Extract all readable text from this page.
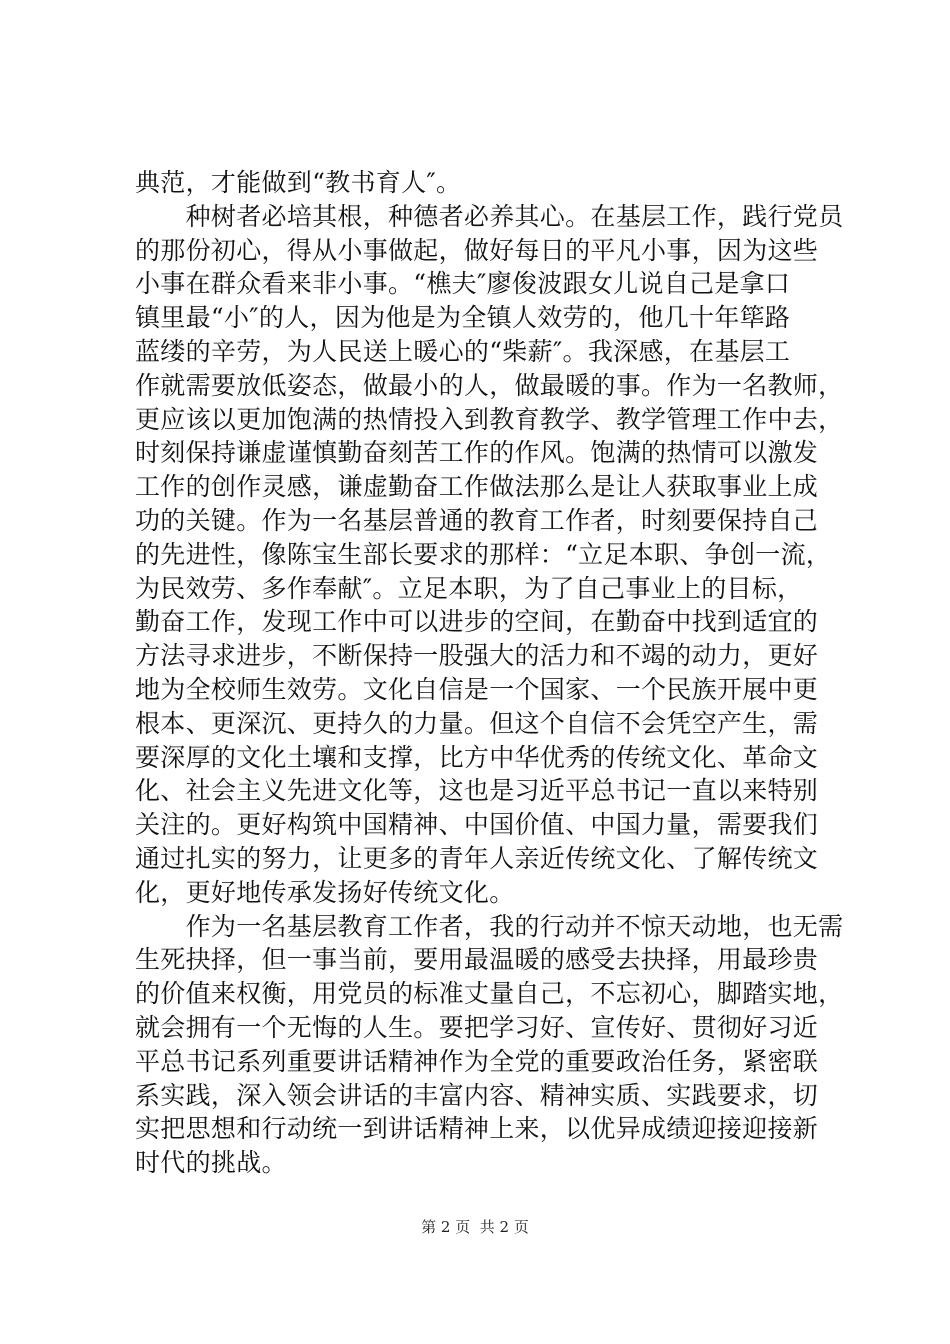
典范，才能做到“教书育人″。
　　种树者必培其根，种德者必养其心。在基层工作，践行党员
的那份初心，得从小事做起，做好每日的平凡小事，因为这些
小事在群众看来非小事。“樵夫″廖俊波跟女儿说自己是拿口
镇里最“小″的人，因为他是为全镇人效劳的，他几十年筚路
蓝缕的辛劳，为人民送上暖心的“柴薪″。我深感，在基层工
作就需要放低姿态，做最小的人，做最暖的事。作为一名教师，
更应该以更加饱满的热情投入到教育教学、教学管理工作中去，
时刻保持谦虚谨慎勤奋刻苦工作的作风。饱满的热情可以激发
工作的创作灵感，谦虚勤奋工作做法那么是让人获取事业上成
功的关键。作为一名基层普通的教育工作者，时刻要保持自己
的先进性，像陈宝生部长要求的那样：“立足本职、争创一流，
为民效劳、多作奉献″。立足本职，为了自己事业上的目标，
勤奋工作，发现工作中可以进步的空间，在勤奋中找到适宜的
方法寻求进步，不断保持一股强大的活力和不竭的动力，更好
地为全校师生效劳。文化自信是一个国家、一个民族开展中更
根本、更深沉、更持久的力量。但这个自信不会凭空产生，需
要深厚的文化土壤和支撑，比方中华优秀的传统文化、革命文
化、社会主义先进文化等，这也是习近平总书记一直以来特别
关注的。更好构筑中国精神、中国价值、中国力量，需要我们
通过扎实的努力，让更多的青年人亲近传统文化、了解传统文
化，更好地传承发扬好传统文化。
　　作为一名基层教育工作者，我的行动并不惊天动地，也无需
生死抉择，但一事当前，要用最温暖的感受去抉择，用最珍贵
的价值来权衡，用党员的标准丈量自己，不忘初心，脚踏实地，
就会拥有一个无悔的人生。要把学习好、宣传好、贯彻好习近
平总书记系列重要讲话精神作为全党的重要政治任务，紧密联
系实践，深入领会讲话的丰富内容、精神实质、实践要求，切
实把思想和行动统一到讲话精神上来，以优异成绩迎接迎接新
时代的挑战。
第 2 页  共 2 页
